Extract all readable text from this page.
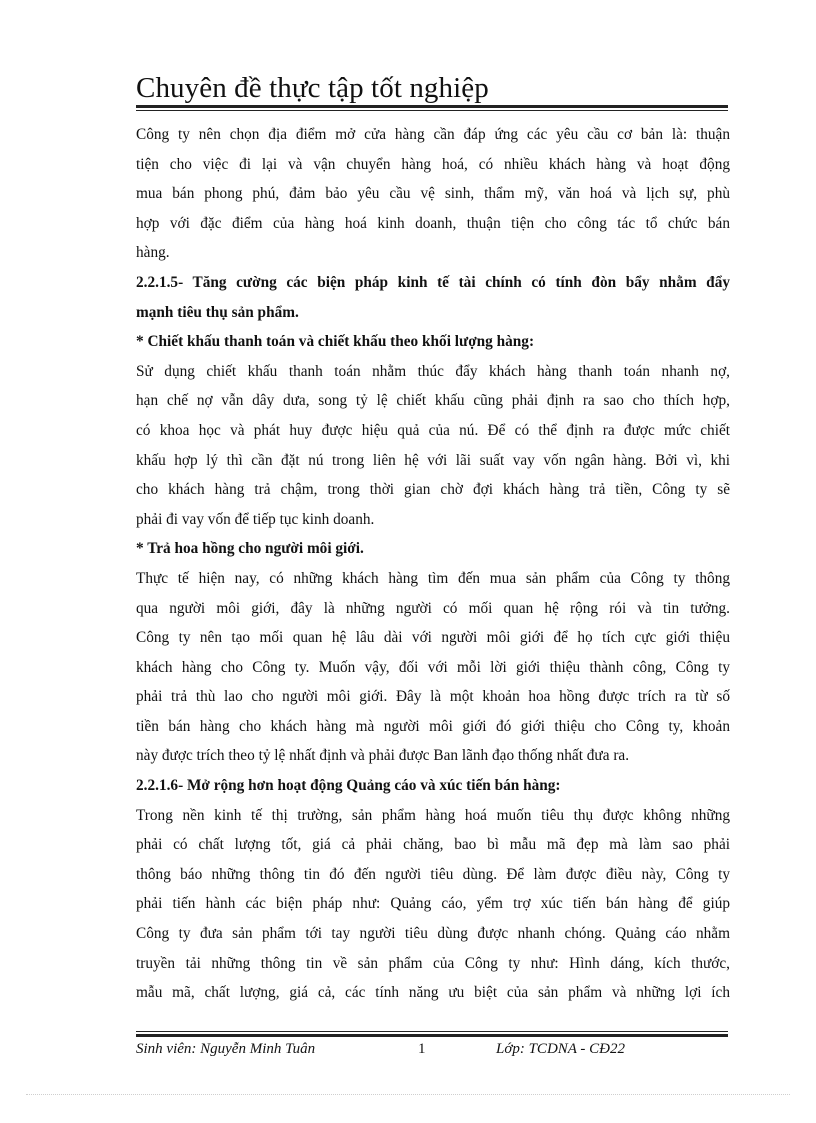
Chuyên đề thực tập tốt nghiệp
Công ty nên chọn địa điểm mở cửa hàng cần đáp ứng các yêu cầu cơ bản là: thuận
tiện cho việc đi lại và vận chuyển hàng hoá, có nhiều khách hàng và hoạt động
mua bán phong phú, đảm bảo yêu cầu vệ sinh, thẩm mỹ, văn hoá và lịch sự, phù
hợp với đặc điểm của hàng hoá kinh doanh, thuận tiện cho công tác tổ chức bán
hàng.
2.2.1.5- Tăng cường các biện pháp kinh tế tài chính có tính đòn bẩy nhằm đẩy
mạnh tiêu thụ sản phẩm.
* Chiết khấu thanh toán và chiết khấu theo khối lượng hàng:
Sử dụng chiết khấu thanh toán nhằm thúc đẩy khách hàng thanh toán nhanh nợ,
hạn chế nợ vẫn dây dưa, song tỷ lệ chiết khấu cũng phải định ra sao cho thích hợp,
có khoa học và phát huy được hiệu quả của nú. Để có thể định ra được mức chiết
khấu hợp lý thì cần đặt nú trong liên hệ với lãi suất vay vốn ngân hàng. Bởi vì, khi
cho khách hàng trả chậm, trong thời gian chờ đợi khách hàng trả tiền, Công ty sẽ
phải đi vay vốn để tiếp tục kinh doanh.
* Trả hoa hồng cho người môi giới.
Thực tế hiện nay, có những khách hàng tìm đến mua sản phẩm của Công ty thông
qua người môi giới, đây là những người có mối quan hệ rộng rói và tin tưởng.
Công ty nên tạo mối quan hệ lâu dài với người môi giới để họ tích cực giới thiệu
khách hàng cho Công ty. Muốn vậy, đối với mỗi lời giới thiệu thành công, Công ty
phải trả thù lao cho người môi giới. Đây là một khoản hoa hồng được trích ra từ số
tiền bán hàng cho khách hàng mà người môi giới đó giới thiệu cho Công ty, khoản
này được trích theo tỷ lệ nhất định và phải được Ban lãnh đạo thống nhất đưa ra.
2.2.1.6- Mở rộng hơn hoạt động Quảng cáo và xúc tiến bán hàng:
Trong nền kinh tế thị trường, sản phẩm hàng hoá muốn tiêu thụ được không những
phải có chất lượng tốt, giá cả phải chăng, bao bì mẫu mã đẹp mà làm sao phải
thông báo những thông tin đó đến người tiêu dùng. Để làm được điều này, Công ty
phải tiến hành các biện pháp như: Quảng cáo, yểm trợ xúc tiến bán hàng để giúp
Công ty đưa sản phẩm tới tay người tiêu dùng được nhanh chóng. Quảng cáo nhằm
truyền tải những thông tin về sản phẩm của Công ty như: Hình dáng, kích thước,
mẫu mã, chất lượng, giá cả, các tính năng ưu biệt của sản phẩm và những lợi ích
Sinh viên: Nguyễn Minh Tuân	1	Lớp: TCDNA - CĐ22
